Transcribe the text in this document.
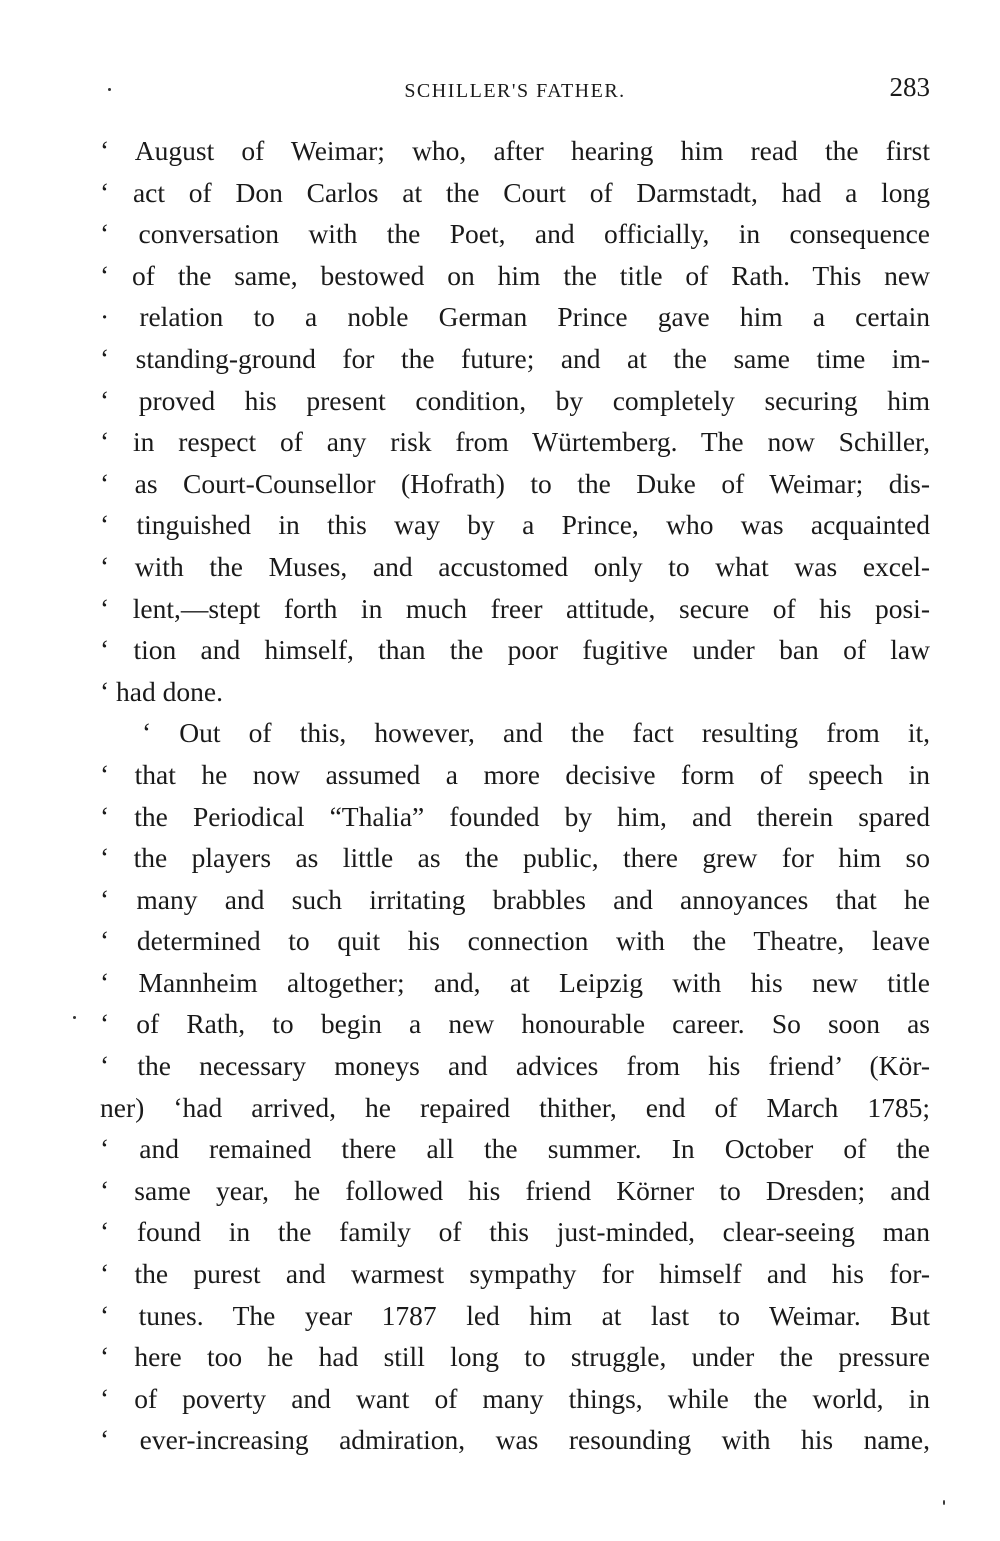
SCHILLER'S FATHER.	283
‘ August of Weimar; who, after hearing him read the first
‘ act of Don Carlos at the Court of Darmstadt, had a long
‘ conversation with the Poet, and officially, in consequence
‘ of the same, bestowed on him the title of Rath. This new
· relation to a noble German Prince gave him a certain
‘ standing-ground for the future; and at the same time im-
‘ proved his present condition, by completely securing him
‘ in respect of any risk from Würtemberg. The now Schiller,
‘ as Court-Counsellor (Hofrath) to the Duke of Weimar; dis-
‘ tinguished in this way by a Prince, who was acquainted
‘ with the Muses, and accustomed only to what was excel-
‘ lent,—stept forth in much freer attitude, secure of his posi-
‘ tion and himself, than the poor fugitive under ban of law
‘ had done.
‘ Out of this, however, and the fact resulting from it,
‘ that he now assumed a more decisive form of speech in
‘ the Periodical “Thalia” founded by him, and therein spared
‘ the players as little as the public, there grew for him so
‘ many and such irritating brabbles and annoyances that he
‘ determined to quit his connection with the Theatre, leave
‘ Mannheim altogether; and, at Leipzig with his new title
‘ of Rath, to begin a new honourable career. So soon as
‘ the necessary moneys and advices from his friend’ (Kör-
ner) ‘had arrived, he repaired thither, end of March 1785;
‘ and remained there all the summer. In October of the
‘ same year, he followed his friend Körner to Dresden; and
‘ found in the family of this just-minded, clear-seeing man
‘ the purest and warmest sympathy for himself and his for-
‘ tunes. The year 1787 led him at last to Weimar. But
‘ here too he had still long to struggle, under the pressure
‘ of poverty and want of many things, while the world, in
‘ ever-increasing admiration, was resounding with his name,
